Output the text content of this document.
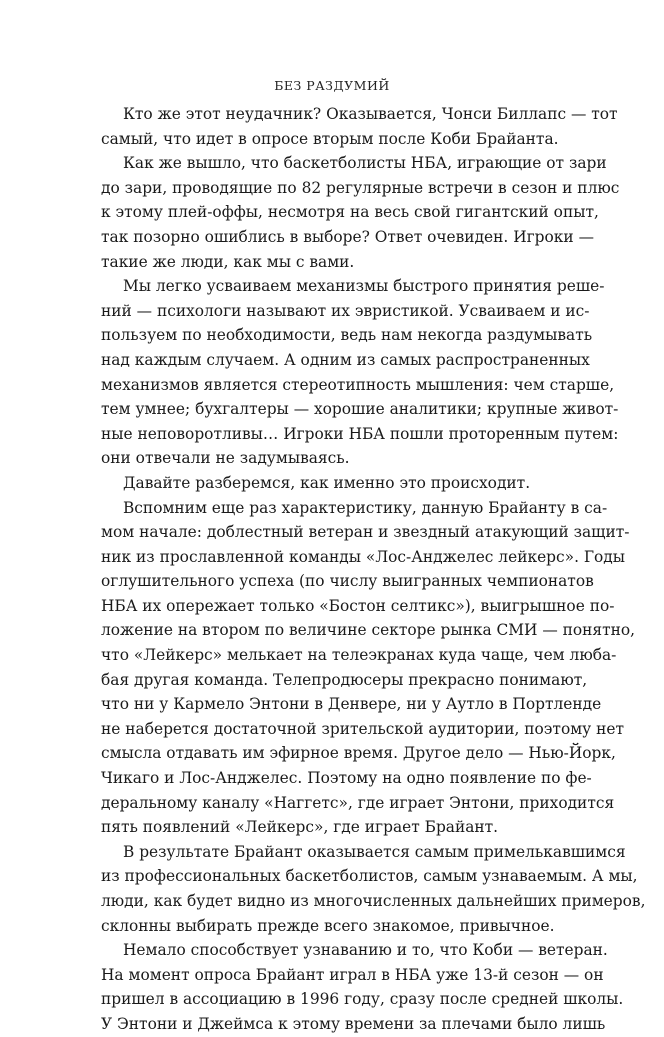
БЕЗ РАЗДУМИЙ
Кто же этот неудачник? Оказывается, Чонси Биллапс — тот
самый, что идет в опросе вторым после Коби Брайанта.
Как же вышло, что баскетболисты НБА, играющие от зари
до зари, проводящие по 82 регулярные встречи в сезон и плюс
к этому плей-оффы, несмотря на весь свой гигантский опыт,
так позорно ошиблись в выборе? Ответ очевиден. Игроки —
такие же люди, как мы с вами.
Мы легко усваиваем механизмы быстрого принятия реше-
ний — психологи называют их эвристикой. Усваиваем и ис-
пользуем по необходимости, ведь нам некогда раздумывать
над каждым случаем. А одним из самых распространенных
механизмов является стереотипность мышления: чем старше,
тем умнее; бухгалтеры — хорошие аналитики; крупные живот-
ные неповоротливы… Игроки НБА пошли проторенным путем:
они отвечали не задумываясь.
Давайте разберемся, как именно это происходит.
Вспомним еще раз характеристику, данную Брайанту в са-
мом начале: доблестный ветеран и звездный атакующий защит-
ник из прославленной команды «Лос-Анджелес лейкерс». Годы
оглушительного успеха (по числу выигранных чемпионатов
НБА их опережает только «Бостон селтикс»), выигрышное по-
ложение на втором по величине секторе рынка СМИ — понятно,
что «Лейкерс» мелькает на телеэкранах куда чаще, чем люба-
бая другая команда. Телепродюсеры прекрасно понимают,
что ни у Кармело Энтони в Денвере, ни у Аутло в Портленде
не наберется достаточной зрительской аудитории, поэтому нет
смысла отдавать им эфирное время. Другое дело — Нью-Йорк,
Чикаго и Лос-Анджелес. Поэтому на одно появление по фе-
деральному каналу «Наггетс», где играет Энтони, приходится
пять появлений «Лейкерс», где играет Брайант.
В результате Брайант оказывается самым примелькавшимся
из профессиональных баскетболистов, самым узнаваемым. А мы,
люди, как будет видно из многочисленных дальнейших примеров,
склонны выбирать прежде всего знакомое, привычное.
Немало способствует узнаванию и то, что Коби — ветеран.
На момент опроса Брайант играл в НБА уже 13-й сезон — он
пришел в ассоциацию в 1996 году, сразу после средней школы.
У Энтони и Джеймса к этому времени за плечами было лишь
